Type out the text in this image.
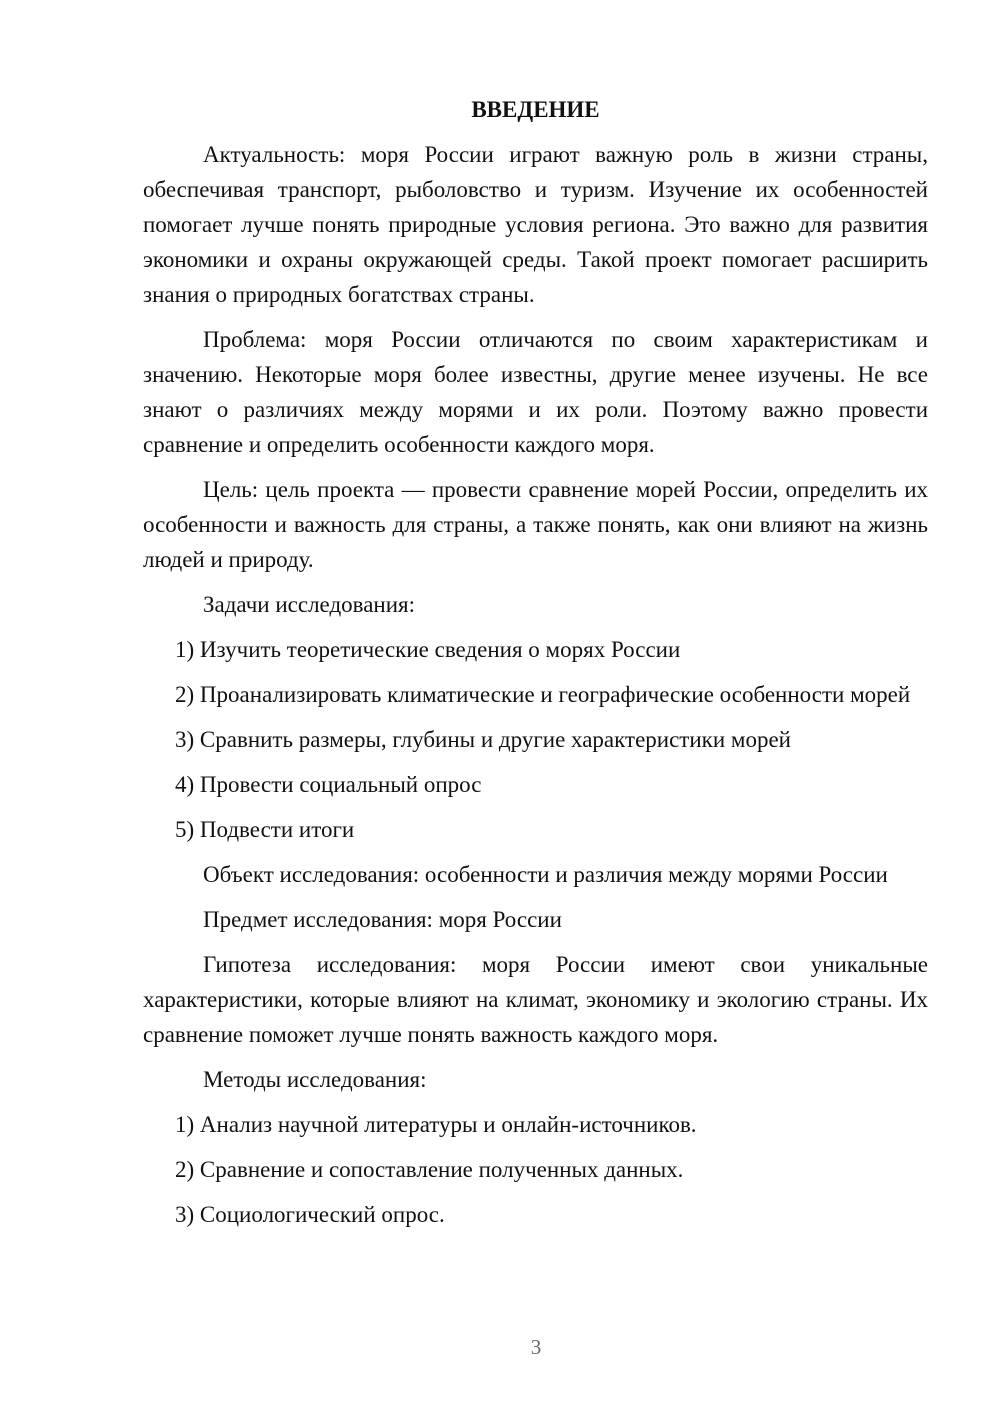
ВВЕДЕНИЕ

Актуальность: моря России играют важную роль в жизни страны, обеспечивая транспорт, рыболовство и туризм. Изучение их особенностей помогает лучше понять природные условия региона. Это важно для развития экономики и охраны окружающей среды. Такой проект помогает расширить знания о природных богатствах страны.

Проблема: моря России отличаются по своим характеристикам и значению. Некоторые моря более известны, другие менее изучены. Не все знают о различиях между морями и их роли. Поэтому важно провести сравнение и определить особенности каждого моря.

Цель: цель проекта — провести сравнение морей России, определить их особенности и важность для страны, а также понять, как они влияют на жизнь людей и природу.

Задачи исследования:

1) Изучить теоретические сведения о морях России

2) Проанализировать климатические и географические особенности морей

3) Сравнить размеры, глубины и другие характеристики морей

4) Провести социальный опрос

5) Подвести итоги

Объект исследования: особенности и различия между морями России

Предмет исследования: моря России

Гипотеза исследования: моря России имеют свои уникальные характеристики, которые влияют на климат, экономику и экологию страны. Их сравнение поможет лучше понять важность каждого моря.

Методы исследования:

1) Анализ научной литературы и онлайн-источников.

2) Сравнение и сопоставление полученных данных.

3) Социологический опрос.

3
